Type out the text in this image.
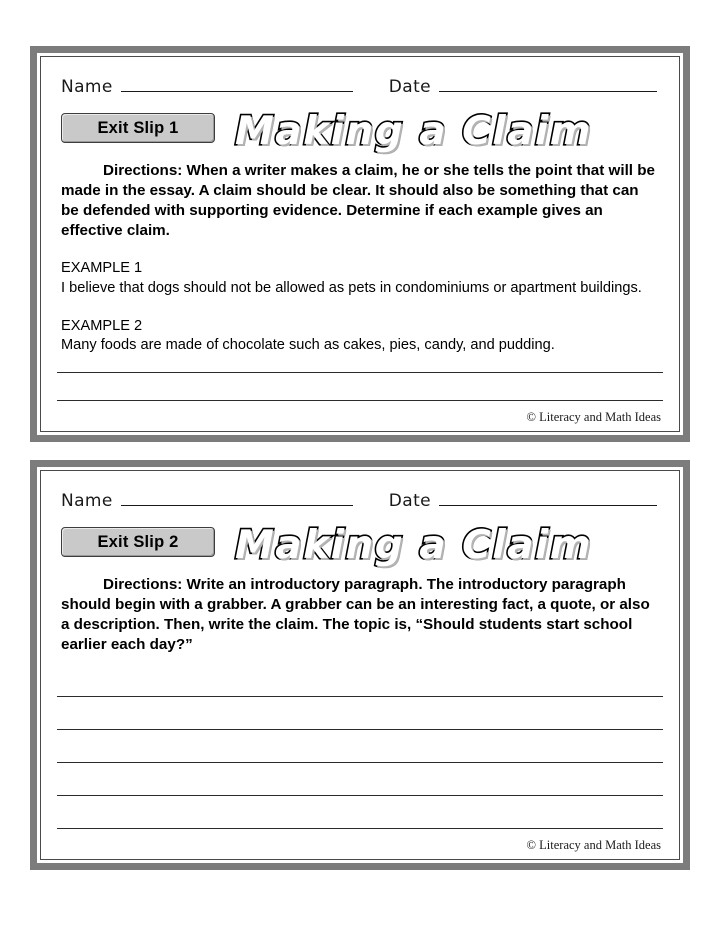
Name	Date
Exit Slip 1	Making a Claim

Directions: When a writer makes a claim, he or she tells the point that will be made in the essay. A claim should be clear. It should also be something that can be defended with supporting evidence. Determine if each example gives an effective claim.

EXAMPLE 1
I believe that dogs should not be allowed as pets in condominiums or apartment buildings.
EXAMPLE 2
Many foods are made of chocolate such as cakes, pies, candy, and pudding.
© Literacy and Math Ideas
Name	Date
Exit Slip 2	Making a Claim

Directions: Write an introductory paragraph. The introductory paragraph should begin with a grabber. A grabber can be an interesting fact, a quote, or also a description. Then, write the claim. The topic is, “Should students start school earlier each day?”

© Literacy and Math Ideas
